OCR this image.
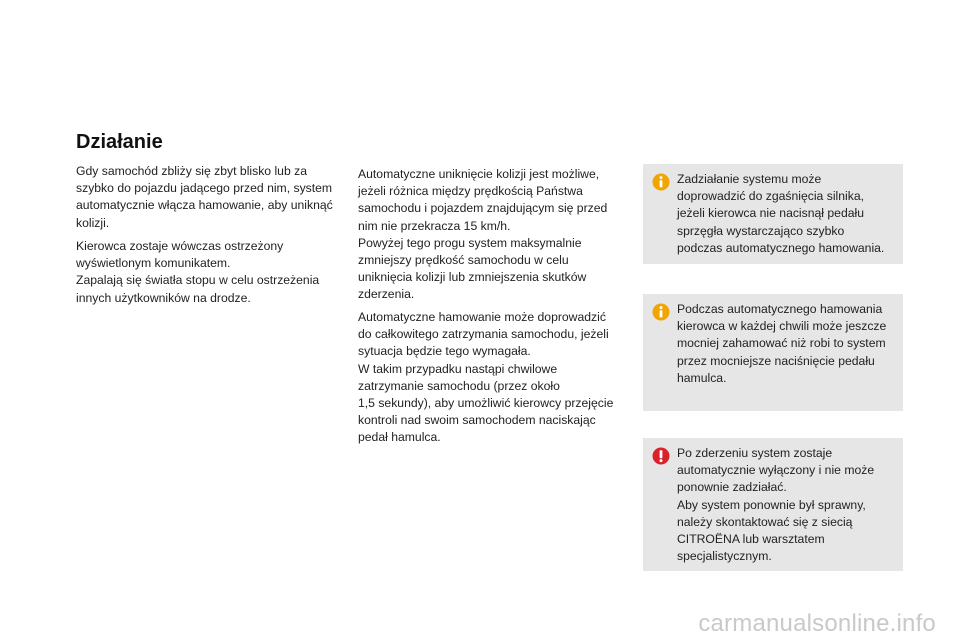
Działanie
Gdy samochód zbliży się zbyt blisko lub za
szybko do pojazdu jadącego przed nim, system
automatycznie włącza hamowanie, aby uniknąć
kolizji.
Kierowca zostaje wówczas ostrzeżony
wyświetlonym komunikatem.
Zapalają się światła stopu w celu ostrzeżenia
innych użytkowników na drodze.
Automatyczne uniknięcie kolizji jest możliwe,
jeżeli różnica między prędkością Państwa
samochodu i pojazdem znajdującym się przed
nim nie przekracza 15 km/h.
Powyżej tego progu system maksymalnie
zmniejszy prędkość samochodu w celu
uniknięcia kolizji lub zmniejszenia skutków
zderzenia.
Automatyczne hamowanie może doprowadzić
do całkowitego zatrzymania samochodu, jeżeli
sytuacja będzie tego wymagała.
W takim przypadku nastąpi chwilowe
zatrzymanie samochodu (przez około
1,5 sekundy), aby umożliwić kierowcy przejęcie
kontroli nad swoim samochodem naciskając
pedał hamulca.
Zadziałanie systemu może
doprowadzić do zgaśnięcia silnika,
jeżeli kierowca nie nacisnął pedału
sprzęgła wystarczająco szybko
podczas automatycznego hamowania.
Podczas automatycznego hamowania
kierowca w każdej chwili może jeszcze
mocniej zahamować niż robi to system
przez mocniejsze naciśnięcie pedału
hamulca.
Po zderzeniu system zostaje
automatycznie wyłączony i nie może
ponownie zadziałać.
Aby system ponownie był sprawny,
należy skontaktować się z siecią
CITROËNA lub warsztatem
specjalistycznym.
carmanualsonline.info
